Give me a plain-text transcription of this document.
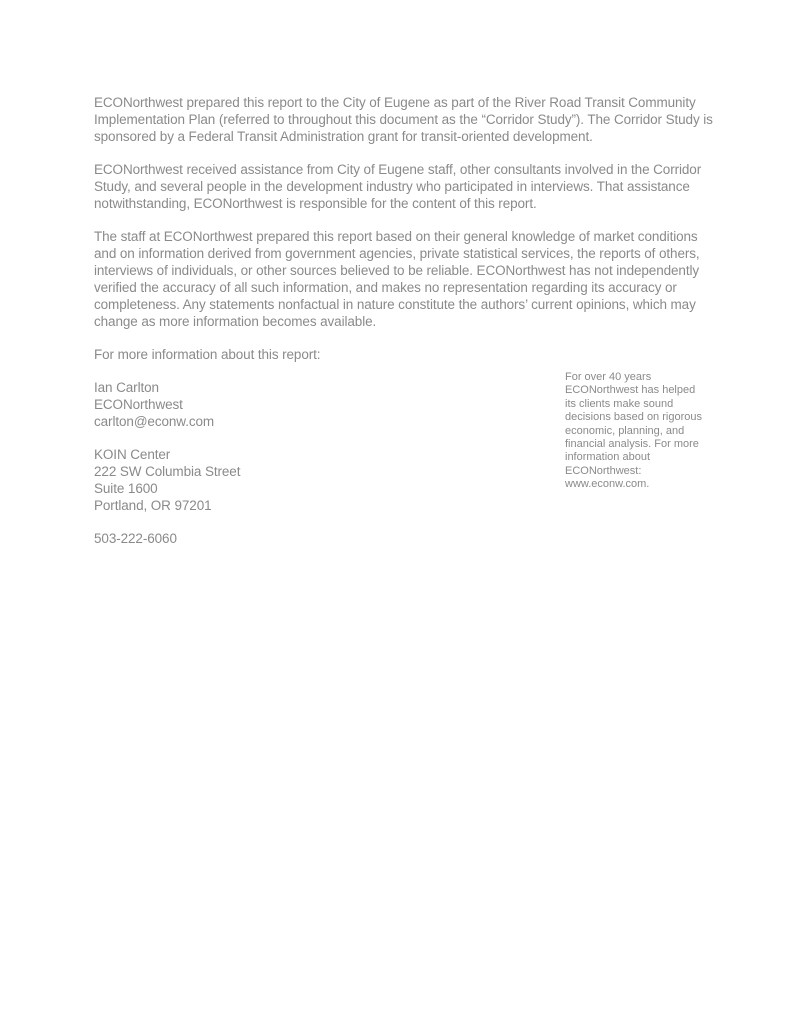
ECONorthwest prepared this report to the City of Eugene as part of the River Road Transit Community Implementation Plan (referred to throughout this document as the “Corridor Study”). The Corridor Study is sponsored by a Federal Transit Administration grant for transit-oriented development.

ECONorthwest received assistance from City of Eugene staff, other consultants involved in the Corridor Study, and several people in the development industry who participated in interviews. That assistance notwithstanding, ECONorthwest is responsible for the content of this report.

The staff at ECONorthwest prepared this report based on their general knowledge of market conditions and on information derived from government agencies, private statistical services, the reports of others, interviews of individuals, or other sources believed to be reliable. ECONorthwest has not independently verified the accuracy of all such information, and makes no representation regarding its accuracy or completeness. Any statements nonfactual in nature constitute the authors’ current opinions, which may change as more information becomes available.

For more information about this report:
Ian Carlton
ECONorthwest
carlton@econw.com
KOIN Center
222 SW Columbia Street
Suite 1600
Portland, OR 97201
503-222-6060
For over 40 years ECONorthwest has helped its clients make sound decisions based on rigorous economic, planning, and financial analysis. For more information about ECONorthwest: www.econw.com.
